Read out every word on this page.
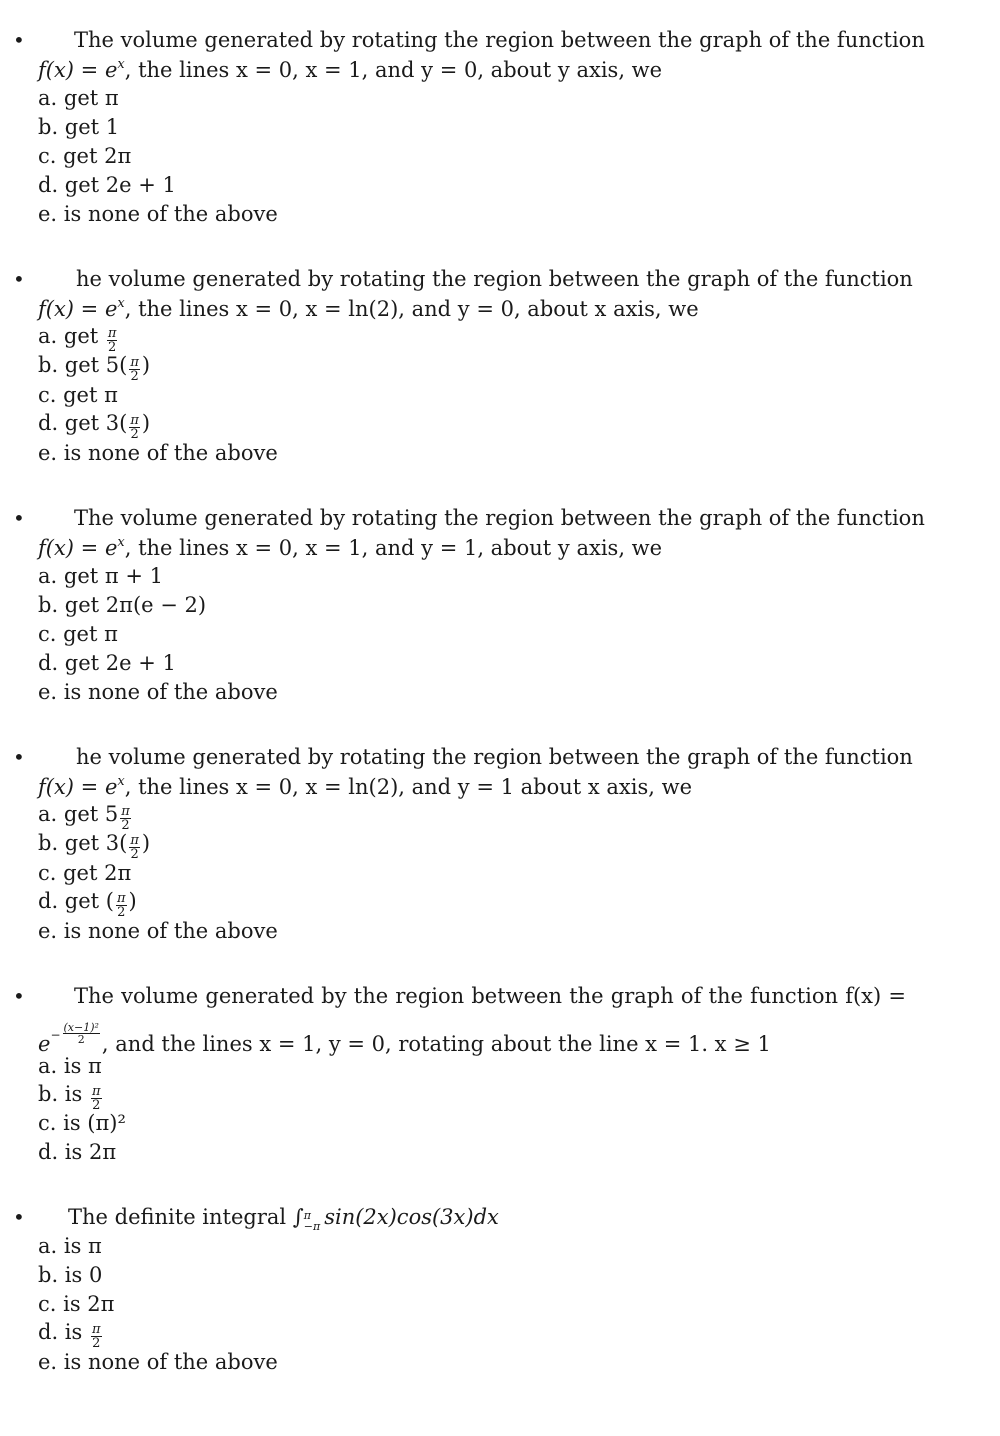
• The volume generated by rotating the region between the graph of the function
$f(x) = e^x$, the lines x = 0, x = 1, and y = 0, about y axis, we
a. get π
b. get 1
c. get 2π
d. get 2e + 1
e. is none of the above
• he volume generated by rotating the region between the graph of the function
$f(x) = e^x$, the lines x = 0, x = ln(2), and y = 0, about x axis, we
a. get $\frac{\pi}{2}$
b. get $5( \frac{\pi}{2}$ )
c. get π
d. get $3( \frac{\pi}{2}$ )
e. is none of the above
• The volume generated by rotating the region between the graph of the function
$f(x) = e^x$, the lines x = 0, x = 1, and y = 1, about y axis, we
a. get π + 1
b. get 2π(e − 2)
c. get π
d. get 2e + 1
e. is none of the above
• he volume generated by rotating the region between the graph of the function
$f(x) = e^x$, the lines x = 0, x = ln(2), and y = 1 about x axis, we
a. get $5 \frac{\pi}{2}$
b. get $3( \frac{\pi}{2}$ )
c. get 2π
d. get ( $\frac{\pi}{2}$ )
e. is none of the above
• The volume generated by the region between the graph of the function f(x) =
$e^{- \frac{\text{(x−1)²}}{2}}$ , and the lines x = 1, y = 0, rotating about the line x = 1. x ≥ 1
a. is π
b. is $\frac{\pi}{2}$
c. is (π)²
d. is 2π
• The definite integral ∫ π
−π sin(2x)cos(3x)dx
a. is π
b. is 0
c. is 2π
d. is $\frac{\pi}{2}$
e. is none of the above
